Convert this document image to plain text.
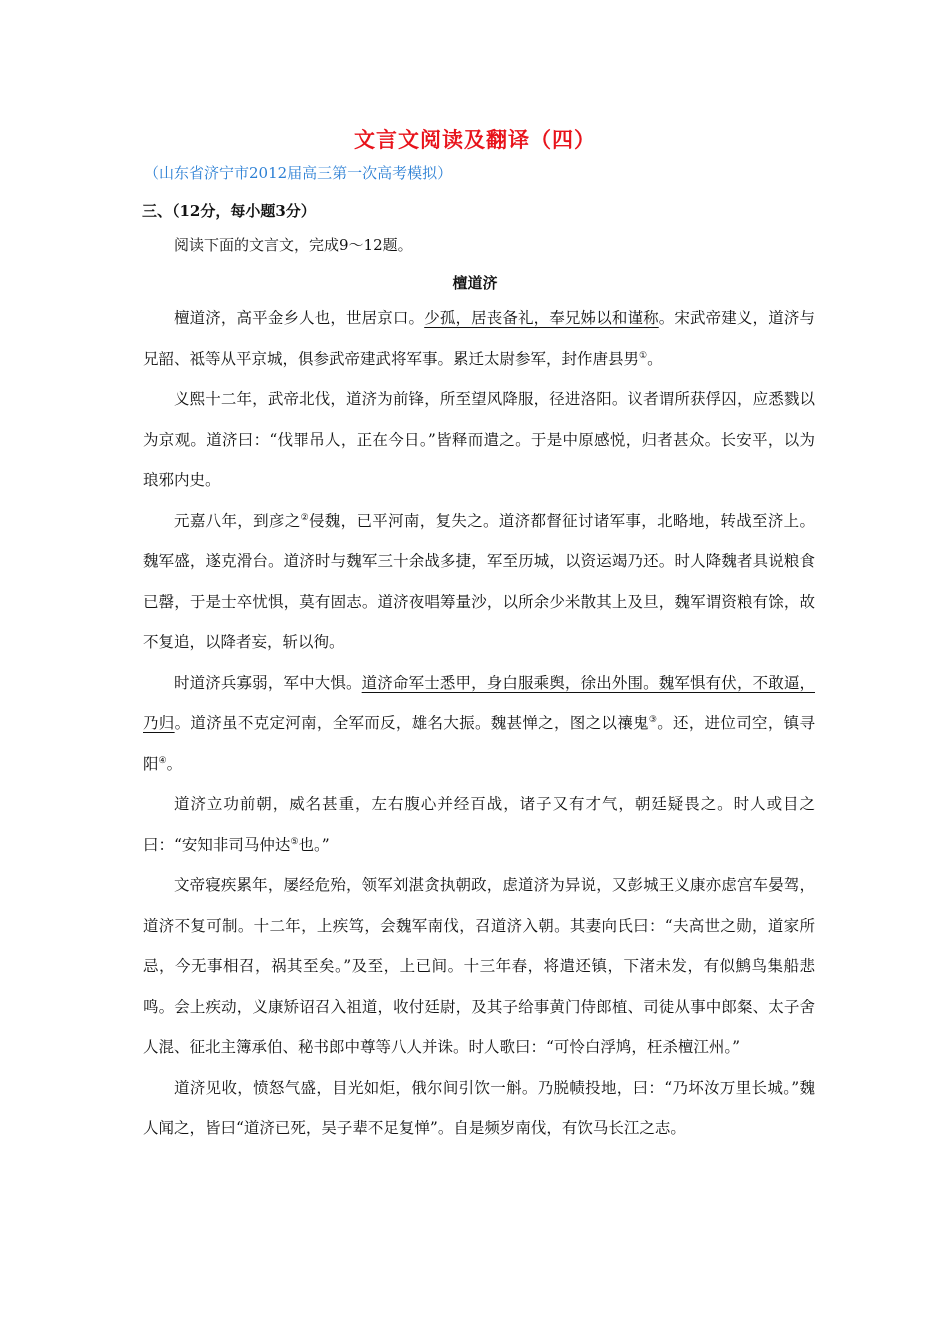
文言文阅读及翻译（四）
（山东省济宁市2012届高三第一次高考模拟）
三、（12分，每小题3分）
阅读下面的文言文，完成9～12题。
檀道济

檀道济，高平金乡人也，世居京口。少孤，居丧备礼，奉兄姊以和谨称。宋武帝建义，道济与兄韶、祗等从平京城，俱参武帝建武将军事。累迁太尉参军，封作唐县男①。

义熙十二年，武帝北伐，道济为前锋，所至望风降服，径进洛阳。议者谓所获俘囚，应悉戮以为京观。道济曰：“伐罪吊人，正在今日。”皆释而遣之。于是中原感悦，归者甚众。长安平，以为琅邪内史。

元嘉八年，到彦之②侵魏，已平河南，复失之。道济都督征讨诸军事，北略地，转战至济上。魏军盛，遂克滑台。道济时与魏军三十余战多捷，军至历城，以资运竭乃还。时人降魏者具说粮食已罄，于是士卒忧惧，莫有固志。道济夜唱筹量沙，以所余少米散其上及旦，魏军谓资粮有馀，故不复追，以降者妄，斩以徇。

时道济兵寡弱，军中大惧。道济命军士悉甲，身白服乘舆，徐出外围。魏军惧有伏，不敢逼，乃归。道济虽不克定河南，全军而反，雄名大振。魏甚惮之，图之以禳鬼③。还，进位司空，镇寻阳④。

道济立功前朝，威名甚重，左右腹心并经百战，诸子又有才气，朝廷疑畏之。时人或目之曰：“安知非司马仲达⑤也。”

文帝寝疾累年，屡经危殆，领军刘湛贪执朝政，虑道济为异说，又彭城王义康亦虑宫车晏驾，道济不复可制。十二年，上疾笃，会魏军南伐，召道济入朝。其妻向氏曰：“夫高世之勋，道家所忌，今无事相召，祸其至矣。”及至，上已间。十三年春，将遣还镇，下渚未发，有似鹪鸟集船悲鸣。会上疾动，义康矫诏召入祖道，收付廷尉，及其子给事黄门侍郎植、司徒从事中郎粲、太子舍人混、征北主簿承伯、秘书郎中尊等八人并诛。时人歌曰：“可怜白浮鸠，枉杀檀江州。”

道济见收，愤怒气盛，目光如炬，俄尔间引饮一斛。乃脱帻投地，曰：“乃坏汝万里长城。”魏人闻之，皆曰“道济已死，吴子辈不足复惮”。自是频岁南伐，有饮马长江之志。
